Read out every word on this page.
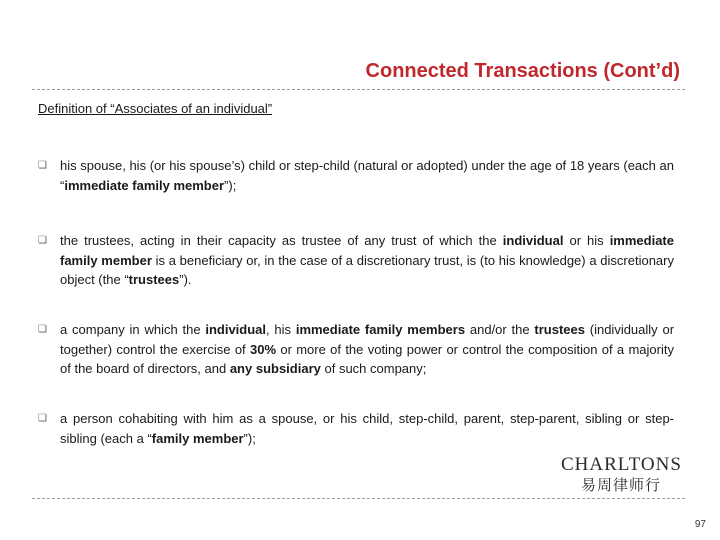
Connected Transactions (Cont’d)
Definition of “Associates of an individual”

❏ his spouse, his (or his spouse’s) child or step-child (natural or adopted) under the age of 18 years (each an “immediate family member”);

❏ the trustees, acting in their capacity as trustee of any trust of which the individual or his immediate family member is a beneficiary or, in the case of a discretionary trust, is (to his knowledge) a discretionary object (the “trustees”).

❏ a company in which the individual, his immediate family members and/or the trustees (individually or together) control the exercise of 30% or more of the voting power or control the composition of a majority of the board of directors, and any subsidiary of such company;

❏ a person cohabiting with him as a spouse, or his child, step-child, parent, step-parent, sibling or step-sibling (each a “family member”);

CHARLTONS
易周律师行
97
